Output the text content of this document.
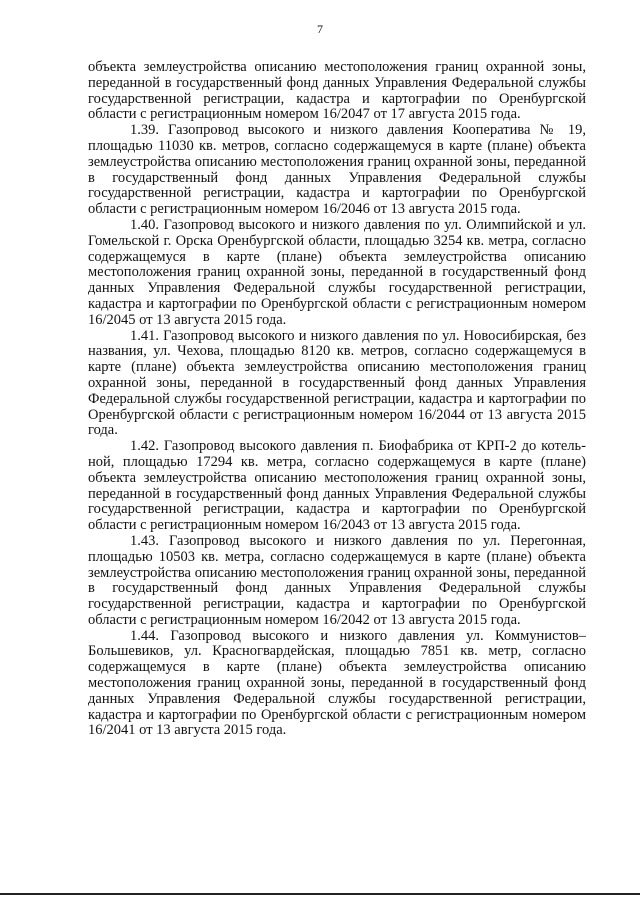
7

объекта землеустройства описанию местоположения границ охранной зоны, переданной в государственный фонд данных Управления Федеральной службы государственной регистрации, кадастра и картографии по Оренбургской области с регистрационным номером 16/2047 от 17 августа 2015 года.

1.39. Газопровод высокого и низкого давления Кооператива № 19, площадью 11030 кв. метров, согласно содержащемуся в карте (плане) объекта землеустройства описанию местоположения границ охранной зоны, переданной в государственный фонд данных Управления Федеральной службы государственной регистрации, кадастра и картографии по Оренбургской области с регистрационным номером 16/2046 от 13 августа 2015 года.

1.40. Газопровод высокого и низкого давления по ул. Олимпийской и ул. Гомельской г. Орска Оренбургской области, площадью 3254 кв. метра, согласно содержащемуся в карте (плане) объекта землеустройства описанию местоположения границ охранной зоны, переданной в государственный фонд данных Управления Федеральной службы государственной регистрации, кадастра и картографии по Оренбургской области с регистрационным номером 16/2045 от 13 августа 2015 года.

1.41. Газопровод высокого и низкого давления по ул. Новосибирская, без названия, ул. Чехова, площадью 8120 кв. метров, согласно содержащемуся в карте (плане) объекта землеустройства описанию местоположения границ охранной зоны, переданной в государственный фонд данных Управления Федеральной службы государственной регистрации, кадастра и картографии по Оренбургской области с регистрационным номером 16/2044 от 13 августа 2015 года.

1.42. Газопровод высокого давления п. Биофабрика от КРП-2 до котель-ной, площадью 17294 кв. метра, согласно содержащемуся в карте (плане) объекта землеустройства описанию местоположения границ охранной зоны, переданной в государственный фонд данных Управления Федеральной службы государственной регистрации, кадастра и картографии по Оренбургской области с регистрационным номером 16/2043 от 13 августа 2015 года.

1.43. Газопровод высокого и низкого давления по ул. Перегонная, площадью 10503 кв. метра, согласно содержащемуся в карте (плане) объекта землеустройства описанию местоположения границ охранной зоны, переданной в государственный фонд данных Управления Федеральной службы государственной регистрации, кадастра и картографии по Оренбургской области с регистрационным номером 16/2042 от 13 августа 2015 года.

1.44. Газопровод высокого и низкого давления ул. Коммунистов–Большевиков, ул. Красногвардейская, площадью 7851 кв. метр, согласно содержащемуся в карте (плане) объекта землеустройства описанию местоположения границ охранной зоны, переданной в государственный фонд данных Управления Федеральной службы государственной регистрации, кадастра и картографии по Оренбургской области с регистрационным номером 16/2041 от 13 августа 2015 года.
